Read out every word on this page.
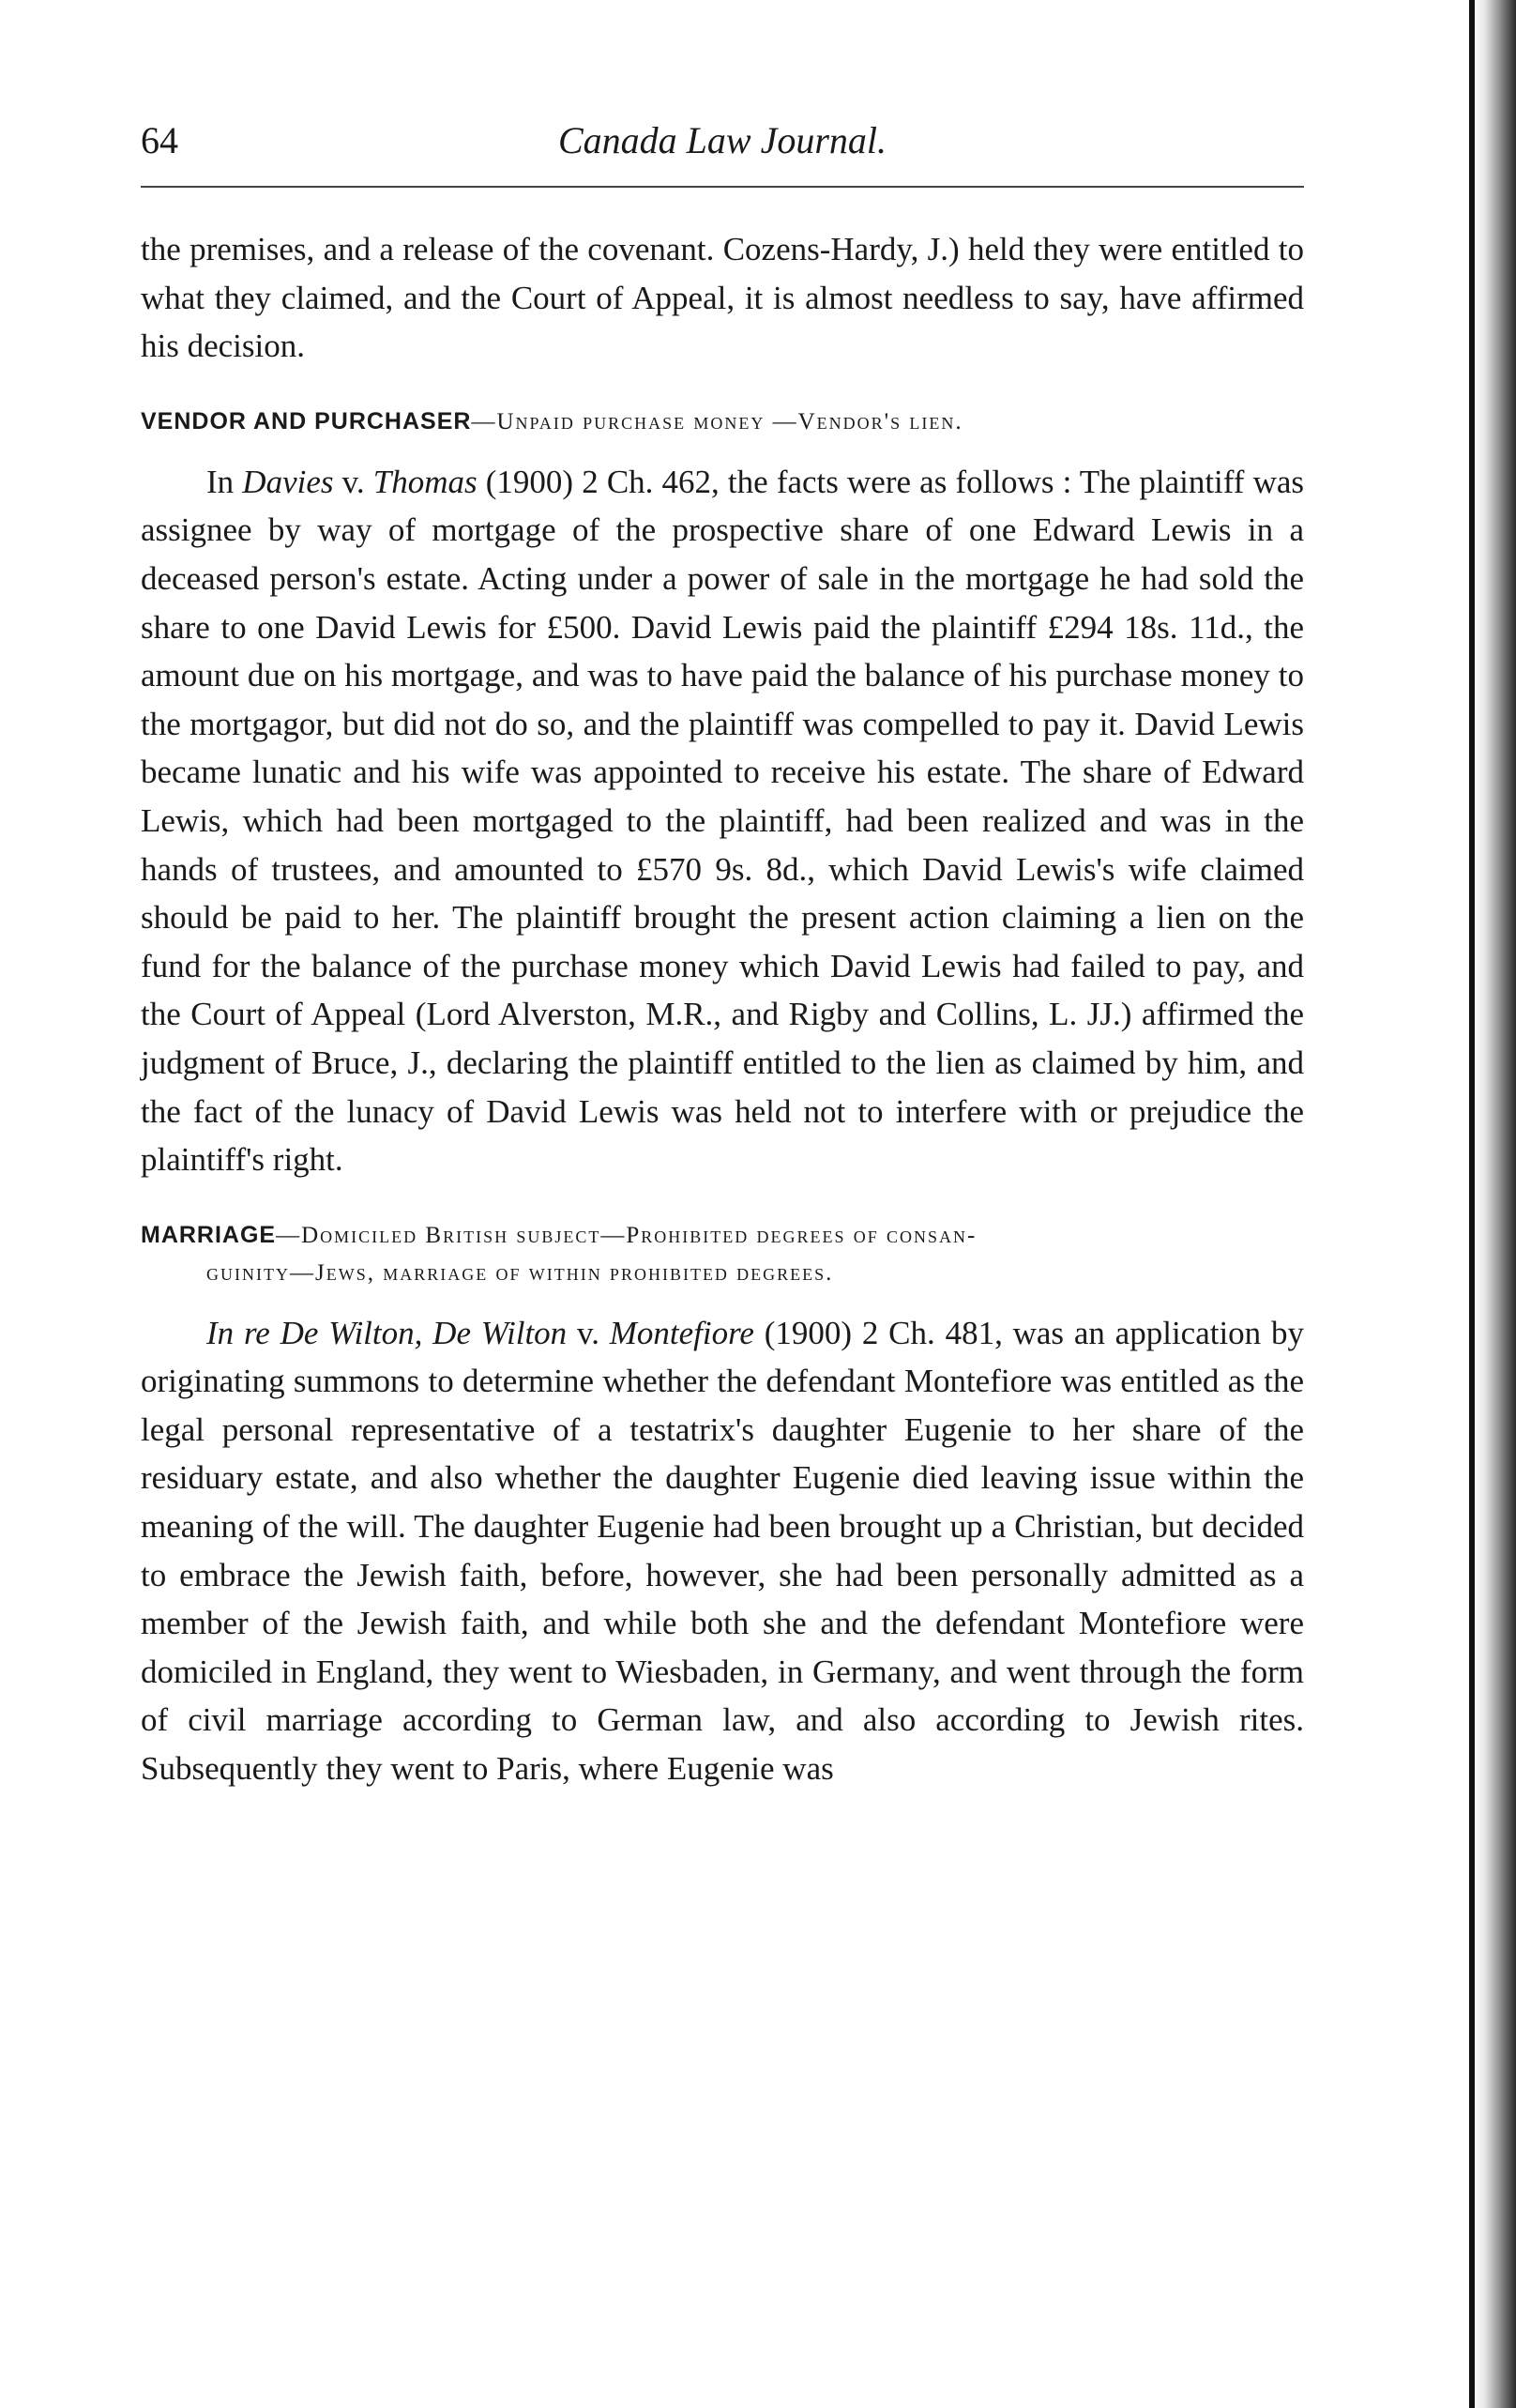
64	Canada Law Journal.

the premises, and a release of the covenant. Cozens-Hardy, J.) held they were entitled to what they claimed, and the Court of Appeal, it is almost needless to say, have affirmed his decision.

VENDOR AND PURCHASER—Unpaid purchase money —Vendor's lien.

In Davies v. Thomas (1900) 2 Ch. 462, the facts were as follows : The plaintiff was assignee by way of mortgage of the prospective share of one Edward Lewis in a deceased person's estate. Acting under a power of sale in the mortgage he had sold the share to one David Lewis for £500. David Lewis paid the plaintiff £294 18s. 11d., the amount due on his mortgage, and was to have paid the balance of his purchase money to the mortgagor, but did not do so, and the plaintiff was compelled to pay it. David Lewis became lunatic and his wife was appointed to receive his estate. The share of Edward Lewis, which had been mortgaged to the plaintiff, had been realized and was in the hands of trustees, and amounted to £570 9s. 8d., which David Lewis's wife claimed should be paid to her. The plaintiff brought the present action claiming a lien on the fund for the balance of the purchase money which David Lewis had failed to pay, and the Court of Appeal (Lord Alverston, M.R., and Rigby and Collins, L. JJ.) affirmed the judgment of Bruce, J., declaring the plaintiff entitled to the lien as claimed by him, and the fact of the lunacy of David Lewis was held not to interfere with or prejudice the plaintiff's right.

MARRIAGE—Domiciled British subject—Prohibited degrees of consan-
guinity—Jews, marriage of within prohibited degrees.

In re De Wilton, De Wilton v. Montefiore (1900) 2 Ch. 481, was an application by originating summons to determine whether the defendant Montefiore was entitled as the legal personal representative of a testatrix's daughter Eugenie to her share of the residuary estate, and also whether the daughter Eugenie died leaving issue within the meaning of the will. The daughter Eugenie had been brought up a Christian, but decided to embrace the Jewish faith, before, however, she had been personally admitted as a member of the Jewish faith, and while both she and the defendant Montefiore were domiciled in England, they went to Wiesbaden, in Germany, and went through the form of civil marriage according to German law, and also according to Jewish rites. Subsequently they went to Paris, where Eugenie was
